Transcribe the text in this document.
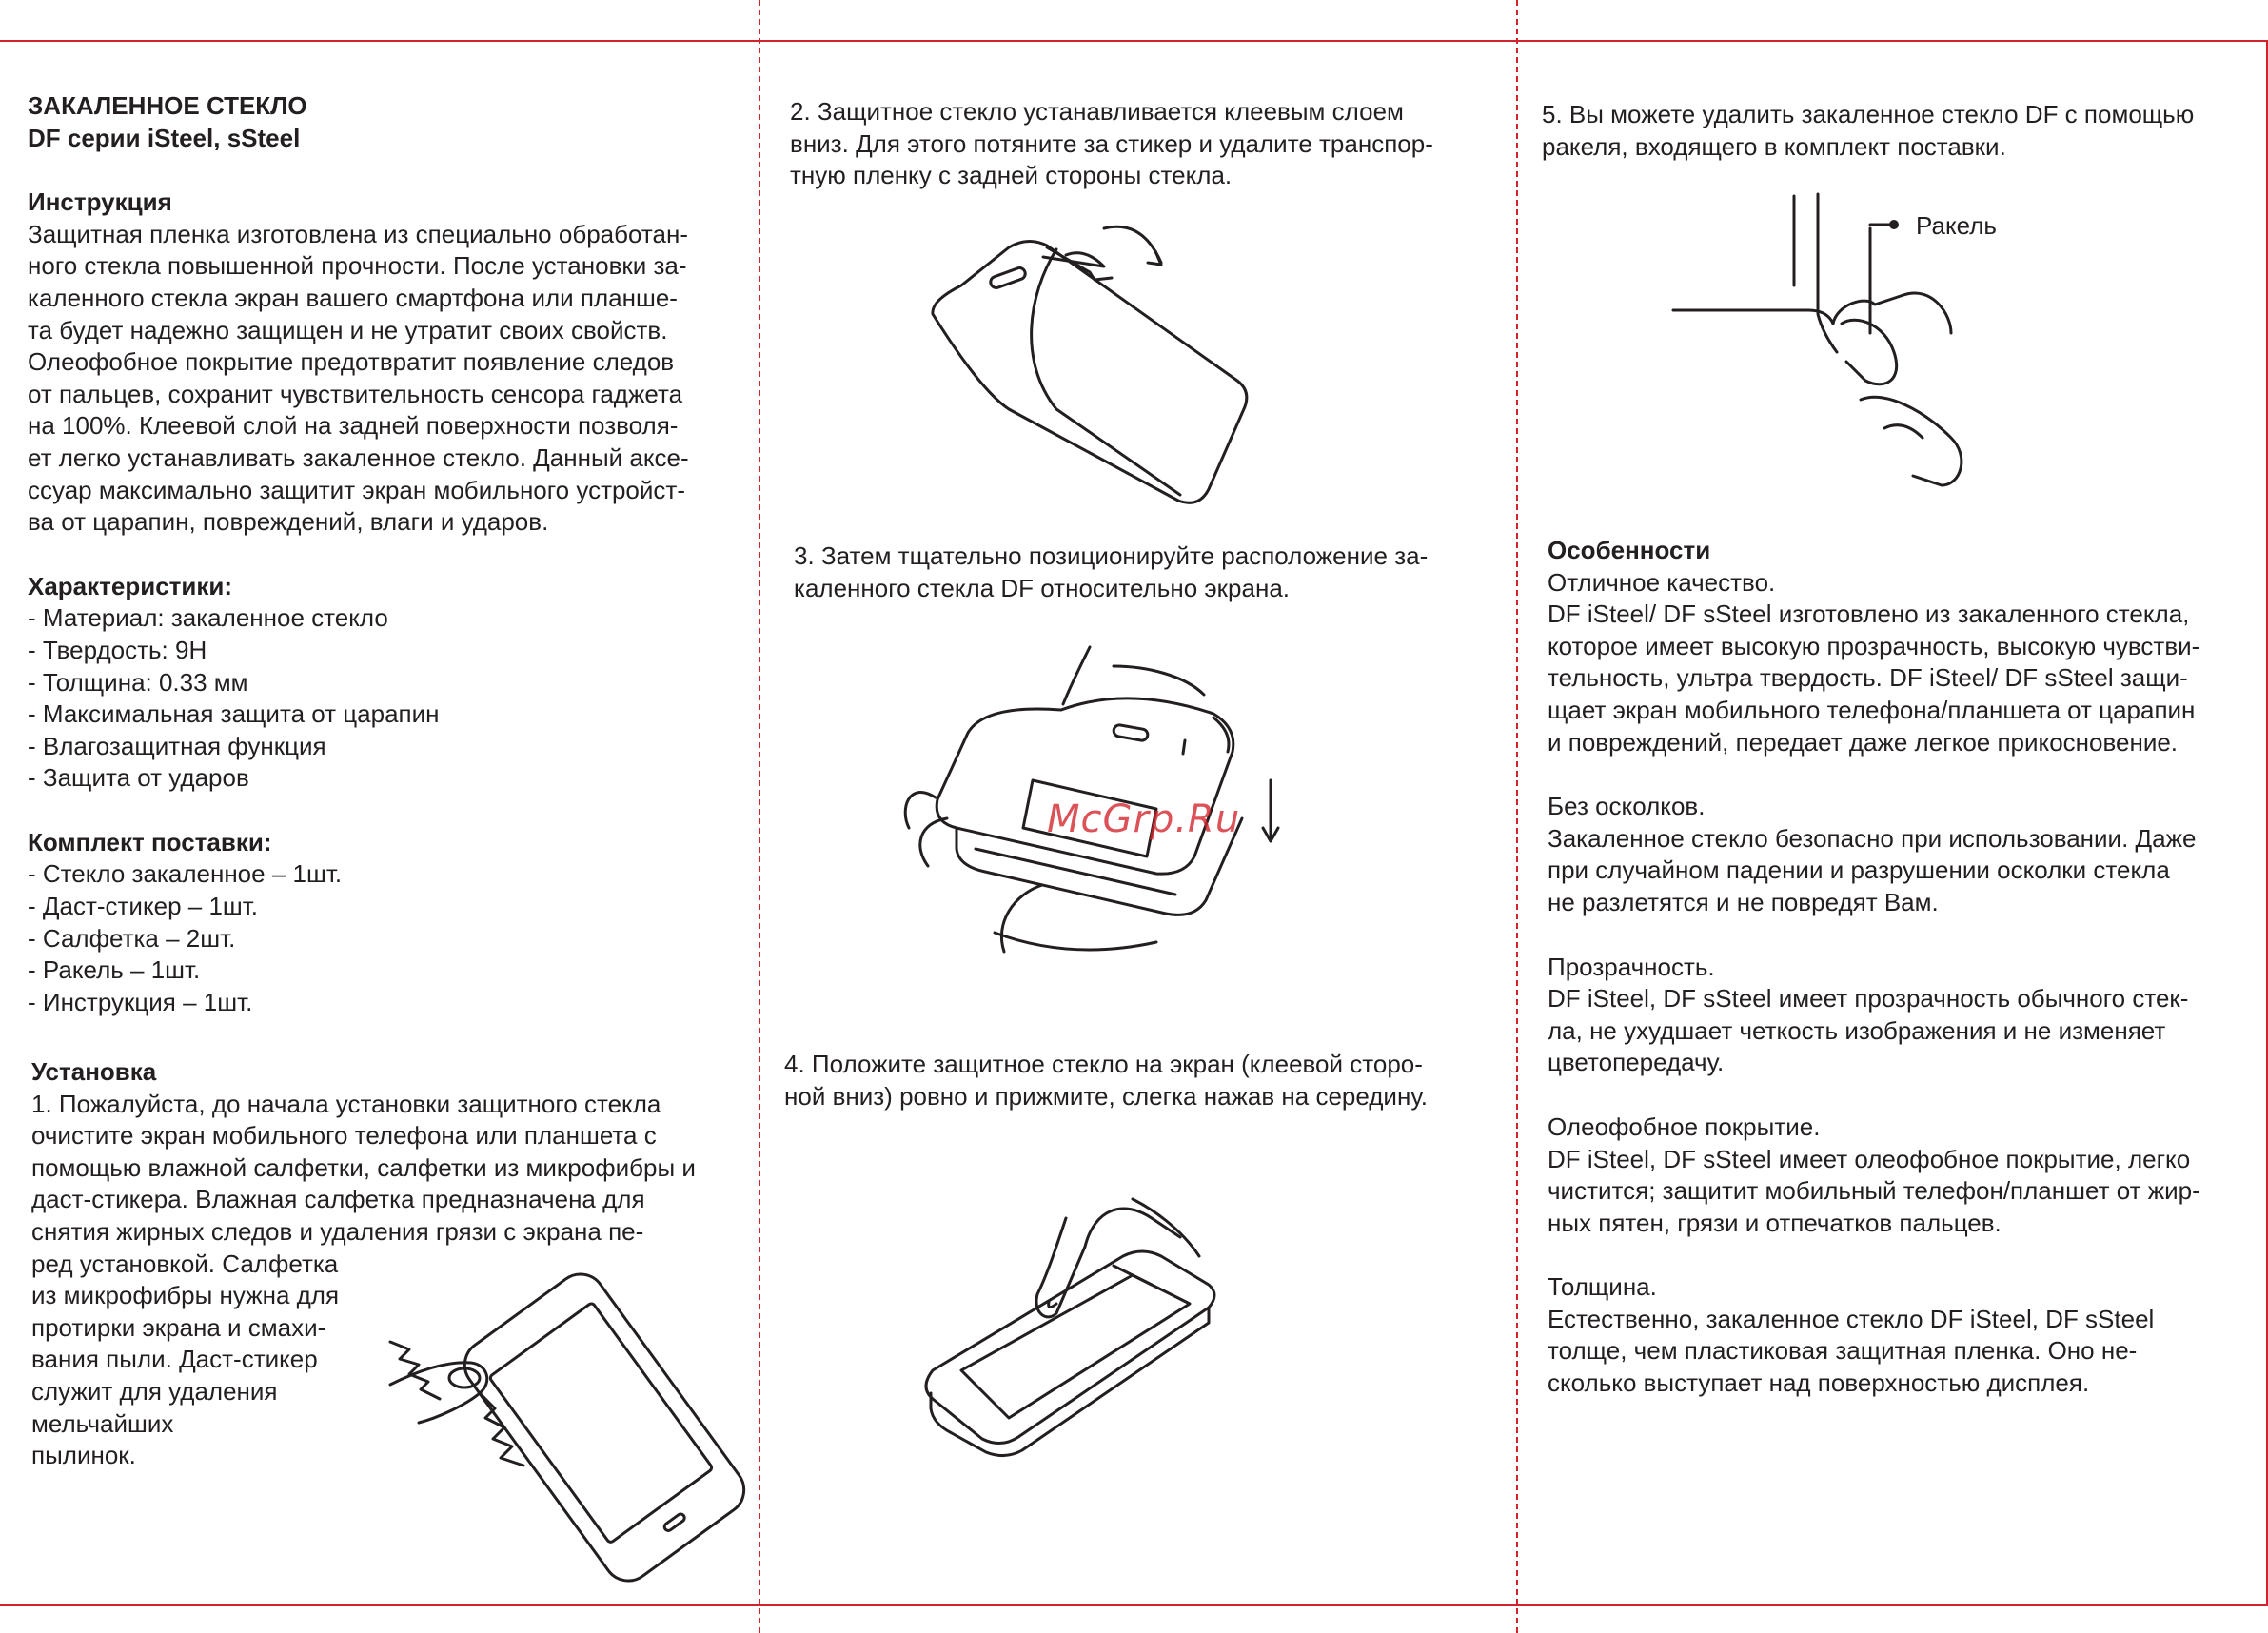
ЗАКАЛЕННОЕ СТЕКЛО

DF серии iSteel, sSteel

Инструкция

Защитная пленка изготовлена из специально обработан-

ного стекла повышенной прочности. После установки за-

каленного стекла экран вашего смартфона или планше-

та будет надежно защищен и не утратит своих свойств.

Олеофобное покрытие предотвратит появление следов

от пальцев, сохранит чувствительность сенсора гаджета

на 100%. Клеевой слой на задней поверхности позволя-

ет легко устанавливать закаленное стекло. Данный аксе-

ссуар максимально защитит экран мобильного устройст-

ва от царапин, повреждений, влаги и ударов.

Характеристики:

- Материал: закаленное стекло

- Твердость: 9H

- Толщина: 0.33 мм

- Максимальная защита от царапин

- Влагозащитная функция

- Защита от ударов

Комплект поставки:

- Стекло закаленное – 1шт.

- Даст-стикер – 1шт.

- Салфетка – 2шт.

- Ракель – 1шт.

- Инструкция – 1шт.

Установка

1. Пожалуйста, до начала установки защитного стекла

очистите экран мобильного телефона или планшета с

помощью влажной салфетки, салфетки из микрофибры и

даст-стикера. Влажная салфетка предназначена для

снятия жирных следов и удаления грязи с экрана пе-

ред установкой. Салфетка

из микрофибры нужна для

протирки экрана и смахи-

вания пыли. Даст-стикер

служит для удаления

мельчайших

пылинок.

2. Защитное стекло устанавливается клеевым слоем

вниз. Для этого потяните за стикер и удалите транспор-

тную пленку с задней стороны стекла.

3. Затем тщательно позиционируйте расположение за-

каленного стекла DF относительно экрана.

McGrp.Ru

4. Положите защитное стекло на экран (клеевой сторо-

ной вниз) ровно и прижмите, слегка нажав на середину.

5. Вы можете удалить закаленное стекло DF с помощью

ракеля, входящего в комплект поставки.

Ракель

Особенности

Отличное качество.

DF iSteel/ DF sSteel изготовлено из закаленного стекла,

которое имеет высокую прозрачность, высокую чувстви-

тельность, ультра твердость. DF iSteel/ DF sSteel защи-

щает экран мобильного телефона/планшета от царапин

и повреждений, передает даже легкое прикосновение.

Без осколков.

Закаленное стекло безопасно при использовании. Даже

при случайном падении и разрушении осколки стекла

не разлетятся и не повредят Вам.

Прозрачность.

DF iSteel, DF sSteel имеет прозрачность обычного стек-

ла, не ухудшает четкость изображения и не изменяет

цветопередачу.

Олеофобное покрытие.

DF iSteel, DF sSteel имеет олеофобное покрытие, легко

чистится; защитит мобильный телефон/планшет от жир-

ных пятен, грязи и отпечатков пальцев.

Толщина.

Естественно, закаленное стекло DF iSteel, DF sSteel

толще, чем пластиковая защитная пленка. Оно не-

сколько выступает над поверхностью дисплея.
